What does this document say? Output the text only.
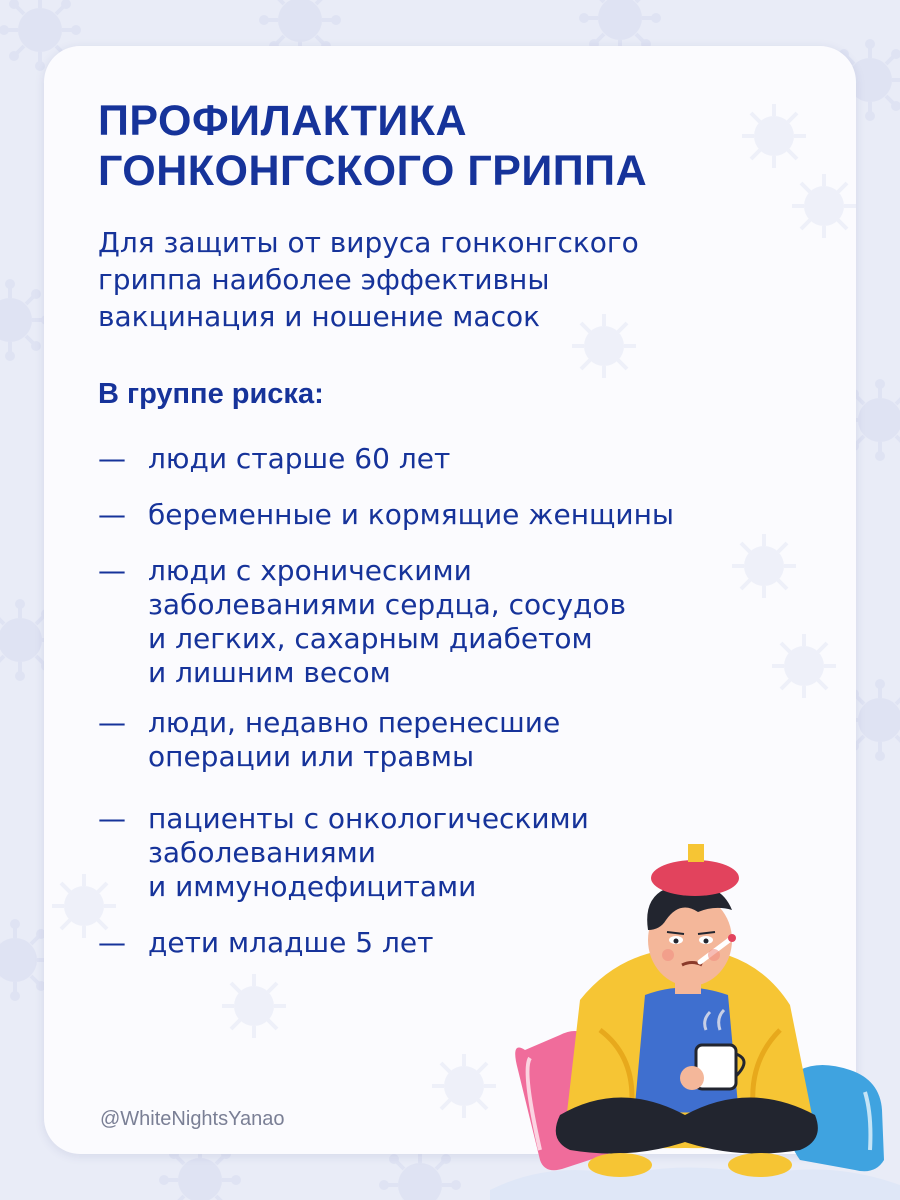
ПРОФИЛАКТИКА
ГОНКОНГСКОГО ГРИППА

Для защиты от вируса гонконгского
гриппа наиболее эффективны
вакцинация и ношение масок

В группе риска:
— люди старше 60 лет
— беременные и кормящие женщины
— люди с хроническими
заболеваниями сердца, сосудов
и легких, сахарным диабетом
и лишним весом
— люди, недавно перенесшие
операции или травмы
— пациенты с онкологическими
заболеваниями
и иммунодефицитами
— дети младше 5 лет
@WhiteNightsYanao
